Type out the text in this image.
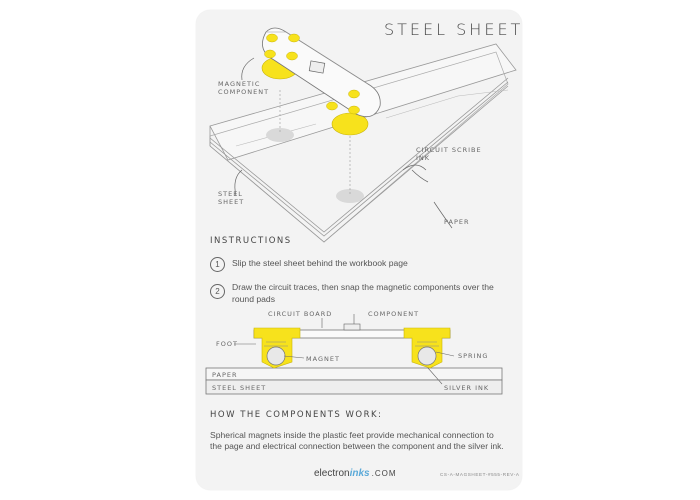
STEEL SHEET
MAGNETIC
COMPONENT
CIRCUIT SCRIBE
INK
STEEL
SHEET
PAPER
INSTRUCTIONS
1	Slip the steel sheet behind the workbook page
2	Draw the circuit traces, then snap the magnetic components over the round pads
CIRCUIT BOARD	COMPONENT
FOOT
MAGNET	SPRING
PAPER
STEEL SHEET	SILVER INK
HOW THE COMPONENTS WORK:
Spherical magnets inside the plastic feet provide mechanical connection to the page and electrical connection between the component and the silver ink.
electroninks .COM	CS-A-MAGSHEET-#555-REV-A
